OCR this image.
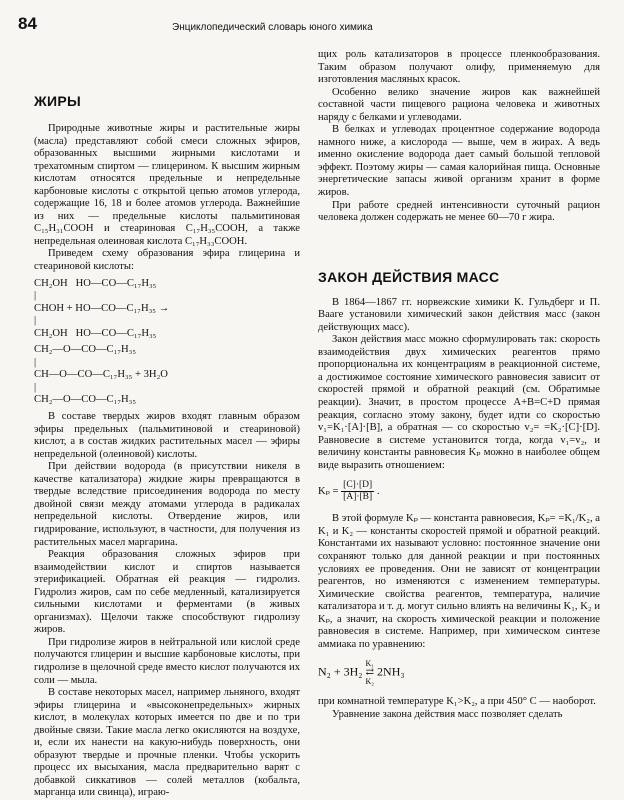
84	Энциклопедический словарь юного химика
ЖИРЫ

Природные животные жиры и растительные жиры (масла) представляют собой смеси сложных эфиров, образованных высшими жирными кислотами и трехатомным спиртом — глицерином. К высшим жирным кислотам относятся предельные и непредельные карбоновые кислоты с открытой цепью атомов углерода, содержащие 16, 18 и более атомов углерода. Важнейшие из них — предельные кислоты пальмитиновая C₁₅H₃₁COOH и стеариновая C₁₇H₃₅COOH, а также непредельная олеиновая кислота C₁₇H₃₃COOH.

Приведем схему образования эфира глицерина и стеариновой кислоты:

CH₂OH   HO—CO—C₁₇H₃₅
|
CHOH + HO—CO—C₁₇H₃₅ →
|
CH₂OH   HO—CO—C₁₇H₃₅
CH₂—O—CO—C₁₇H₃₅
|
CH—O—CO—C₁₇H₃₅ + 3H₂O
|
CH₂—O—CO—C₁₇H₃₅

В составе твердых жиров входят главным образом эфиры предельных (пальмитиновой и стеариновой) кислот, а в состав жидких растительных масел — эфиры непредельной (олеиновой) кислоты.

При действии водорода (в присутствии никеля в качестве катализатора) жидкие жиры превращаются в твердые вследствие присоединения водорода по месту двойной связи между атомами углерода в радикалах непредельной кислоты. Отвердение жиров, или гидрирование, используют, в частности, для получения из растительных масел маргарина.

Реакция образования сложных эфиров при взаимодействии кислот и спиртов называется этерификацией. Обратная ей реакция — гидролиз. Гидролиз жиров, сам по себе медленный, катализируется сильными кислотами и ферментами (в живых организмах). Щелочи также способствуют гидролизу жиров.

При гидролизе жиров в нейтральной или кислой среде получаются глицерин и высшие карбоновые кислоты, при гидролизе в щелочной среде вместо кислот получаются их соли — мыла.

В составе некоторых масел, например льняного, входят эфиры глицерина и «высоконепредельных» жирных кислот, в молекулах которых имеется по две и по три двойные связи. Такие масла легко окисляются на воздухе, и, если их нанести на какую-нибудь поверхность, они образуют твердые и прочные пленки. Чтобы ускорить процесс их высыхания, масла предварительно варят с добавкой сиккативов — солей металлов (кобальта, марганца или свинца), играю-

щих роль катализаторов в процессе пленкообразования. Таким образом получают олифу, применяемую для изготовления масляных красок.

Особенно велико значение жиров как важнейшей составной части пищевого рациона человека и животных наряду с белками и углеводами.

В белках и углеводах процентное содержание водорода намного ниже, а кислорода — выше, чем в жирах. А ведь именно окисление водорода дает самый большой тепловой эффект. Поэтому жиры — самая калорийная пища. Основные энергетические запасы живой организм хранит в форме жиров.

При работе средней интенсивности суточный рацион человека должен содержать не менее 60—70 г жира.

ЗАКОН ДЕЙСТВИЯ МАСС

В 1864—1867 гг. норвежские химики К. Гульдберг и П. Вааге установили химический закон действия масс (закон действующих масс).

Закон действия масс можно сформулировать так: скорость взаимодействия двух химических реагентов прямо пропорциональна их концентрациям в реакционной системе, а достижимое состояние химического равновесия зависит от скоростей прямой и обратной реакций (см. Обратимые реакции). Значит, в простом процессе A+B=C+D прямая реакция, согласно этому закону, будет идти со скоростью v₁=K₁·[A]·[B], а обратная — со скоростью v₂= =K₂·[C]·[D]. Равновесие в системе установится тогда, когда v₁=v₂, и величину константы равновесия Kₚ можно в наиболее общем виде выразить отношением:

$K_p = \frac{[C]\cdot[D]}{[A]\cdot[B]}$ .

В этой формуле Kₚ — константа равновесия, Kₚ= =K₁/K₂, а K₁ и K₂ — константы скоростей прямой и обратной реакций. Константами их называют условно: постоянное значение они сохраняют только для данной реакции и при постоянных условиях ее проведения. Они не зависят от концентрации реагентов, но изменяются с изменением температуры. Химические свойства реагентов, температура, наличие катализатора и т. д. могут сильно влиять на величины K₁, K₂ и Kₚ, а значит, на скорость химической реакции и положение равновесия в системе. Например, при химическом синтезе аммиака по уравнению:

N₂ + 3H₂
K₁
⇄
K₂
2NH₃

при комнатной температуре K₁>K₂, а при 450° C — наоборот.

Уравнение закона действия масс позволяет сделать
